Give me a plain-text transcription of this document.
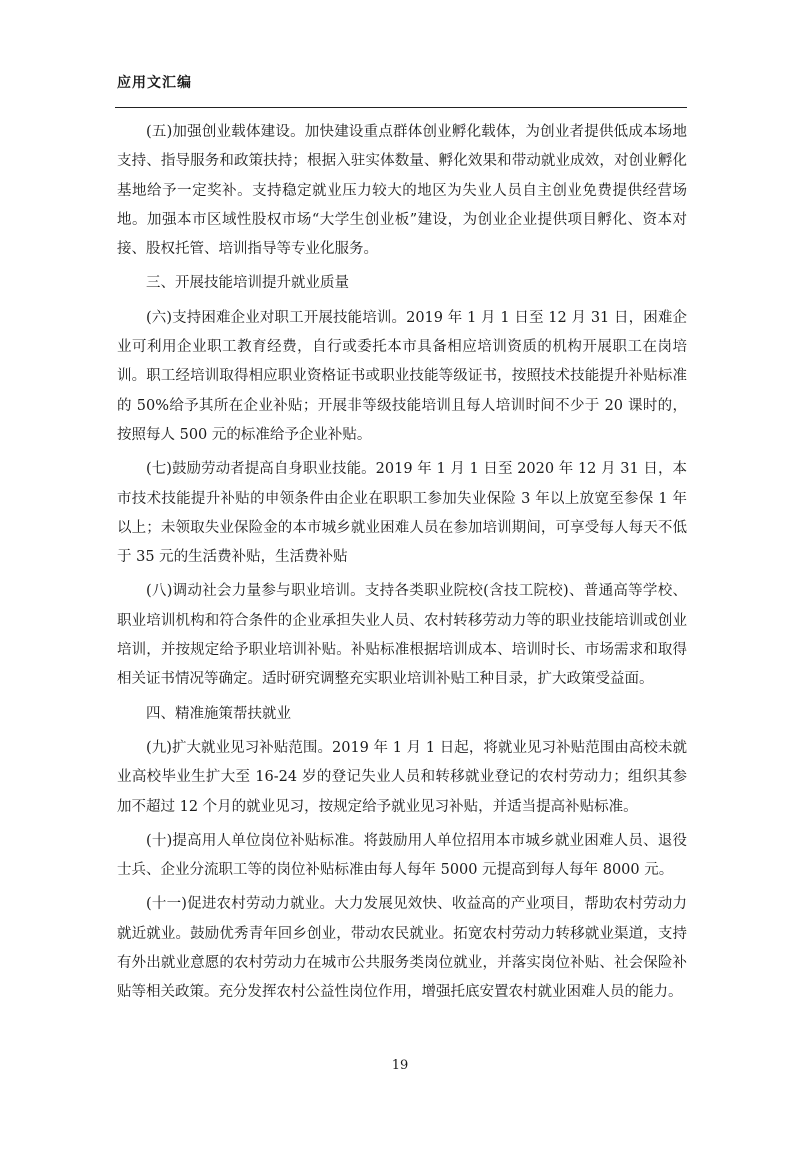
应用文汇编

(五)加强创业载体建设。加快建设重点群体创业孵化载体，为创业者提供低成本场地支持、指导服务和政策扶持；根据入驻实体数量、孵化效果和带动就业成效，对创业孵化基地给予一定奖补。支持稳定就业压力较大的地区为失业人员自主创业免费提供经营场地。加强本市区域性股权市场“大学生创业板”建设，为创业企业提供项目孵化、资本对接、股权托管、培训指导等专业化服务。

三、开展技能培训提升就业质量

(六)支持困难企业对职工开展技能培训。2019 年 1 月 1 日至 12 月 31 日，困难企业可利用企业职工教育经费，自行或委托本市具备相应培训资质的机构开展职工在岗培训。职工经培训取得相应职业资格证书或职业技能等级证书，按照技术技能提升补贴标准的 50%给予其所在企业补贴；开展非等级技能培训且每人培训时间不少于 20 课时的，按照每人 500 元的标准给予企业补贴。

(七)鼓励劳动者提高自身职业技能。2019 年 1 月 1 日至 2020 年 12 月 31 日，本市技术技能提升补贴的申领条件由企业在职职工参加失业保险 3 年以上放宽至参保 1 年以上；未领取失业保险金的本市城乡就业困难人员在参加培训期间，可享受每人每天不低于 35 元的生活费补贴，生活费补贴

(八)调动社会力量参与职业培训。支持各类职业院校(含技工院校)、普通高等学校、职业培训机构和符合条件的企业承担失业人员、农村转移劳动力等的职业技能培训或创业培训，并按规定给予职业培训补贴。补贴标准根据培训成本、培训时长、市场需求和取得相关证书情况等确定。适时研究调整充实职业培训补贴工种目录，扩大政策受益面。

四、精准施策帮扶就业

(九)扩大就业见习补贴范围。2019 年 1 月 1 日起，将就业见习补贴范围由高校未就业高校毕业生扩大至 16-24 岁的登记失业人员和转移就业登记的农村劳动力；组织其参加不超过 12 个月的就业见习，按规定给予就业见习补贴，并适当提高补贴标准。

(十)提高用人单位岗位补贴标准。将鼓励用人单位招用本市城乡就业困难人员、退役士兵、企业分流职工等的岗位补贴标准由每人每年 5000 元提高到每人每年 8000 元。

(十一)促进农村劳动力就业。大力发展见效快、收益高的产业项目，帮助农村劳动力就近就业。鼓励优秀青年回乡创业，带动农民就业。拓宽农村劳动力转移就业渠道，支持有外出就业意愿的农村劳动力在城市公共服务类岗位就业，并落实岗位补贴、社会保险补贴等相关政策。充分发挥农村公益性岗位作用，增强托底安置农村就业困难人员的能力。

19
